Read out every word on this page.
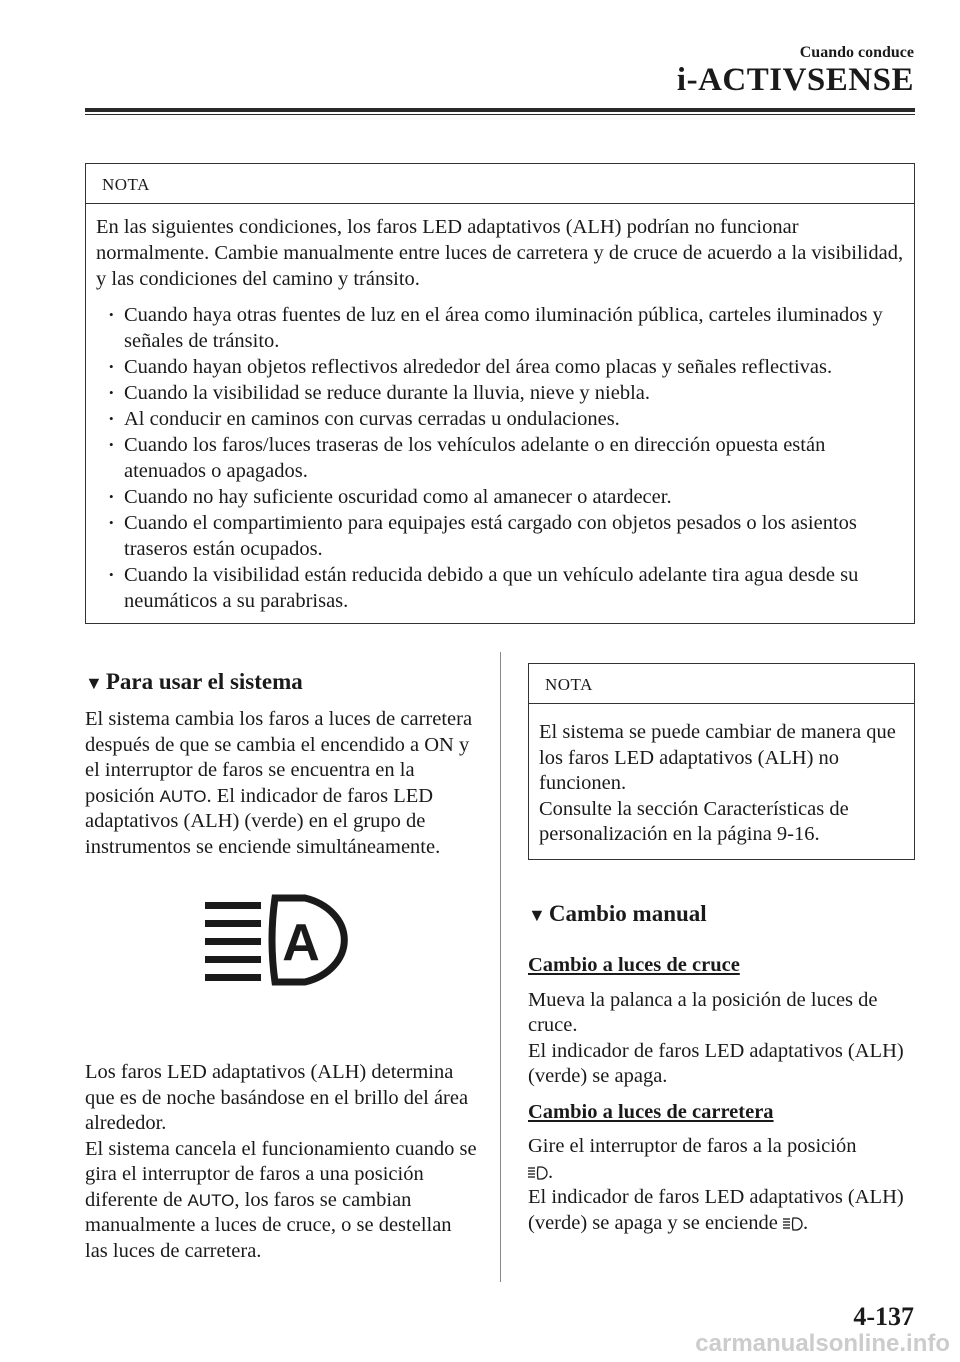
Cuando conduce
i-ACTIVSENSE
NOTA

En las siguientes condiciones, los faros LED adaptativos (ALH) podrían no funcionar normalmente. Cambie manualmente entre luces de carretera y de cruce de acuerdo a la visibilidad, y las condiciones del camino y tránsito.

• Cuando haya otras fuentes de luz en el área como iluminación pública, carteles iluminados y señales de tránsito.
• Cuando hayan objetos reflectivos alrededor del área como placas y señales reflectivas.
• Cuando la visibilidad se reduce durante la lluvia, nieve y niebla.
• Al conducir en caminos con curvas cerradas u ondulaciones.
• Cuando los faros/luces traseras de los vehículos adelante o en dirección opuesta están atenuados o apagados.
• Cuando no hay suficiente oscuridad como al amanecer o atardecer.
• Cuando el compartimiento para equipajes está cargado con objetos pesados o los asientos traseros están ocupados.
• Cuando la visibilidad están reducida debido a que un vehículo adelante tira agua desde su neumáticos a su parabrisas.
▼ Para usar el sistema

El sistema cambia los faros a luces de carretera después de que se cambia el encendido a ON y el interruptor de faros se encuentra en la posición AUTO. El indicador de faros LED adaptativos (ALH) (verde) en el grupo de instrumentos se enciende simultáneamente.

A

Los faros LED adaptativos (ALH) determina que es de noche basándose en el brillo del área alrededor.

El sistema cancela el funcionamiento cuando se gira el interruptor de faros a una posición diferente de AUTO, los faros se cambian manualmente a luces de cruce, o se destellan las luces de carretera.

NOTA
El sistema se puede cambiar de manera que los faros LED adaptativos (ALH) no funcionen.
Consulte la sección Características de personalización en la página 9-16.
▼ Cambio manual

Cambio a luces de cruce

Mueva la palanca a la posición de luces de cruce.

El indicador de faros LED adaptativos (ALH) (verde) se apaga.

Cambio a luces de carretera

Gire el interruptor de faros a la posición
.

El indicador de faros LED adaptativos (ALH) (verde) se apaga y se enciende .

4-137
carmanualsonline.info
